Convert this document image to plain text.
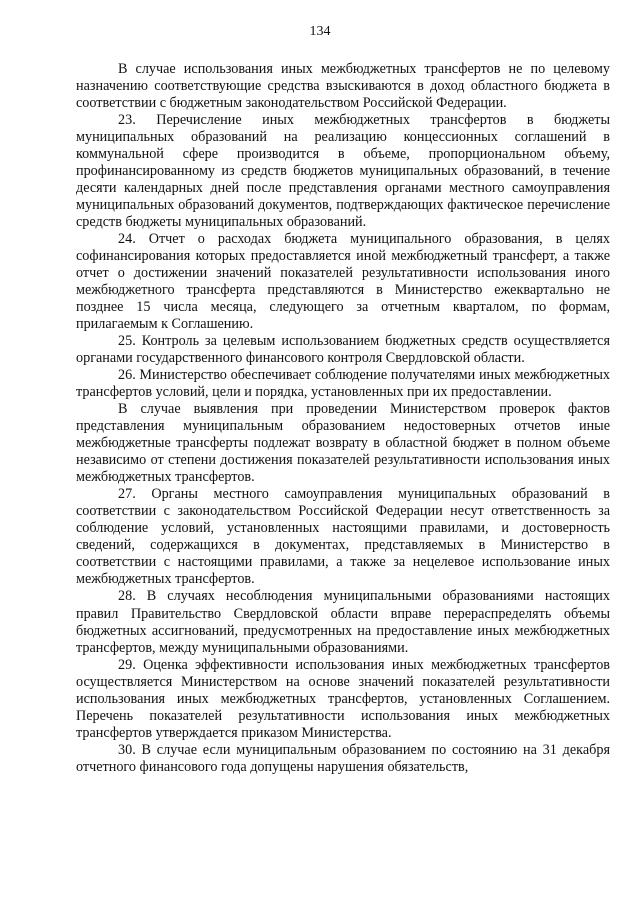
134

В случае использования иных межбюджетных трансфертов не по целевому назначению соответствующие средства взыскиваются в доход областного бюджета в соответствии с бюджетным законодательством Российской Федерации.

23. Перечисление иных межбюджетных трансфертов в бюджеты муниципальных образований на реализацию концессионных соглашений в коммунальной сфере производится в объеме, пропорциональном объему, профинансированному из средств бюджетов муниципальных образований, в течение десяти календарных дней после представления органами местного самоуправления муниципальных образований документов, подтверждающих фактическое перечисление средств бюджеты муниципальных образований.

24. Отчет о расходах бюджета муниципального образования, в целях софинансирования которых предоставляется иной межбюджетный трансферт, а также отчет о достижении значений показателей результативности использования иного межбюджетного трансферта представляются в Министерство ежеквартально не позднее 15 числа месяца, следующего за отчетным кварталом, по формам, прилагаемым к Соглашению.

25. Контроль за целевым использованием бюджетных средств осуществляется органами государственного финансового контроля Свердловской области.

26. Министерство обеспечивает соблюдение получателями иных межбюджетных трансфертов условий, цели и порядка, установленных при их предоставлении.

В случае выявления при проведении Министерством проверок фактов представления муниципальным образованием недостоверных отчетов иные межбюджетные трансферты подлежат возврату в областной бюджет в полном объеме независимо от степени достижения показателей результативности использования иных межбюджетных трансфертов.

27. Органы местного самоуправления муниципальных образований в соответствии с законодательством Российской Федерации несут ответственность за соблюдение условий, установленных настоящими правилами, и достоверность сведений, содержащихся в документах, представляемых в Министерство в соответствии с настоящими правилами, а также за нецелевое использование иных межбюджетных трансфертов.

28. В случаях несоблюдения муниципальными образованиями настоящих правил Правительство Свердловской области вправе перераспределять объемы бюджетных ассигнований, предусмотренных на предоставление иных межбюджетных трансфертов, между муниципальными образованиями.

29. Оценка эффективности использования иных межбюджетных трансфертов осуществляется Министерством на основе значений показателей результативности использования иных межбюджетных трансфертов, установленных Соглашением. Перечень показателей результативности использования иных межбюджетных трансфертов утверждается приказом Министерства.

30. В случае если муниципальным образованием по состоянию на 31 декабря отчетного финансового года допущены нарушения обязательств,
